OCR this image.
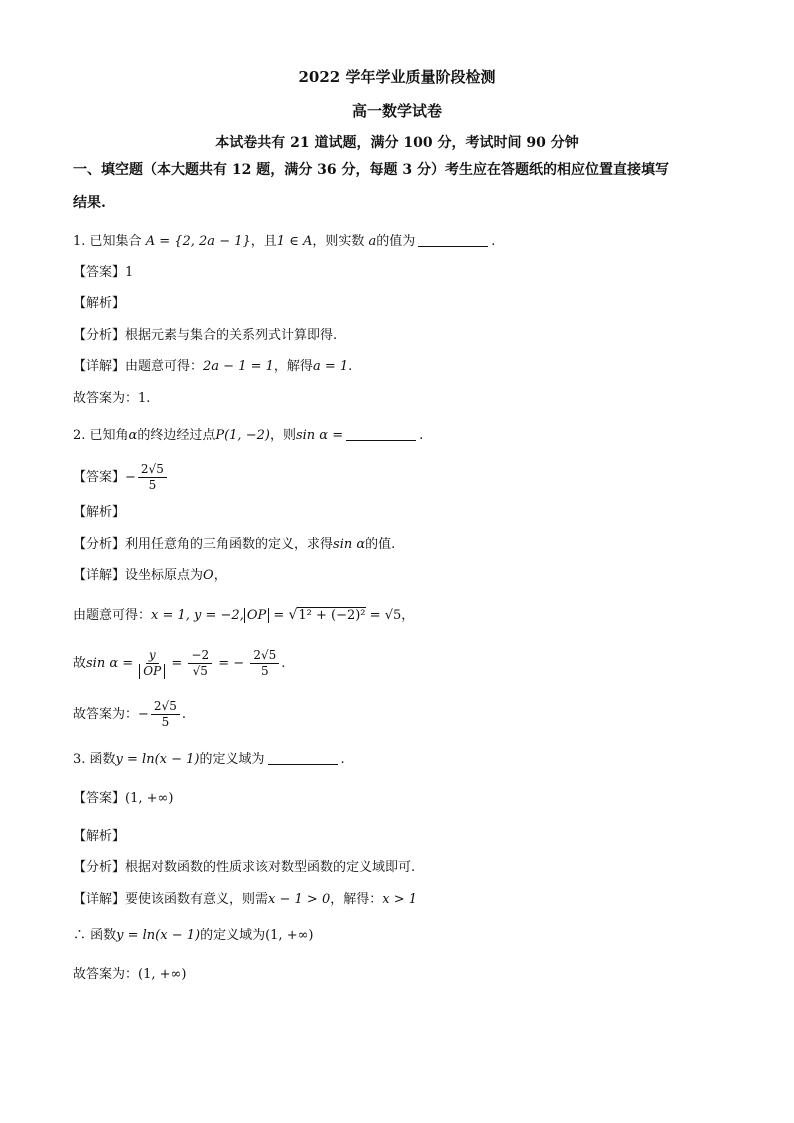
2022 学年学业质量阶段检测
高一数学试卷
本试卷共有 21 道试题，满分 100 分，考试时间 90 分钟
一、填空题（本大题共有 12 题，满分 36 分，每题 3 分）考生应在答题纸的相应位置直接填写
结果.
1. 已知集合 A = {2, 2a − 1}，且1 ∈ A，则实数 a的值为	.
【答案】1
【解析】
【分析】根据元素与集合的关系列式计算即得.
【详解】由题意可得：2a − 1 = 1，解得a = 1.
故答案为：1.
2. 已知角α的终边经过点P(1, −2)，则sin α =	.
【答案】− $\frac{2√5}{5}$
【解析】
【分析】利用任意角的三角函数的定义，求得sin α的值.
【详解】设坐标原点为O，
由题意可得：x = 1, y = −2, OP = √1² + (−2)² = √5，
故$\sin \alpha = \frac{y}{OP} = \frac{-2}{√5}$ = − $\frac{2√5}{5}$ .
故答案为：− $\frac{2√5}{5}$ .
3. 函数y = ln(x − 1)的定义域为	.
【答案】(1, +∞)
【解析】
【分析】根据对数函数的性质求该对数型函数的定义域即可.
【详解】要使该函数有意义，则需x − 1 > 0，解得：x > 1
∴ 函数y = ln(x − 1)的定义域为(1, +∞)
故答案为：(1, +∞)
